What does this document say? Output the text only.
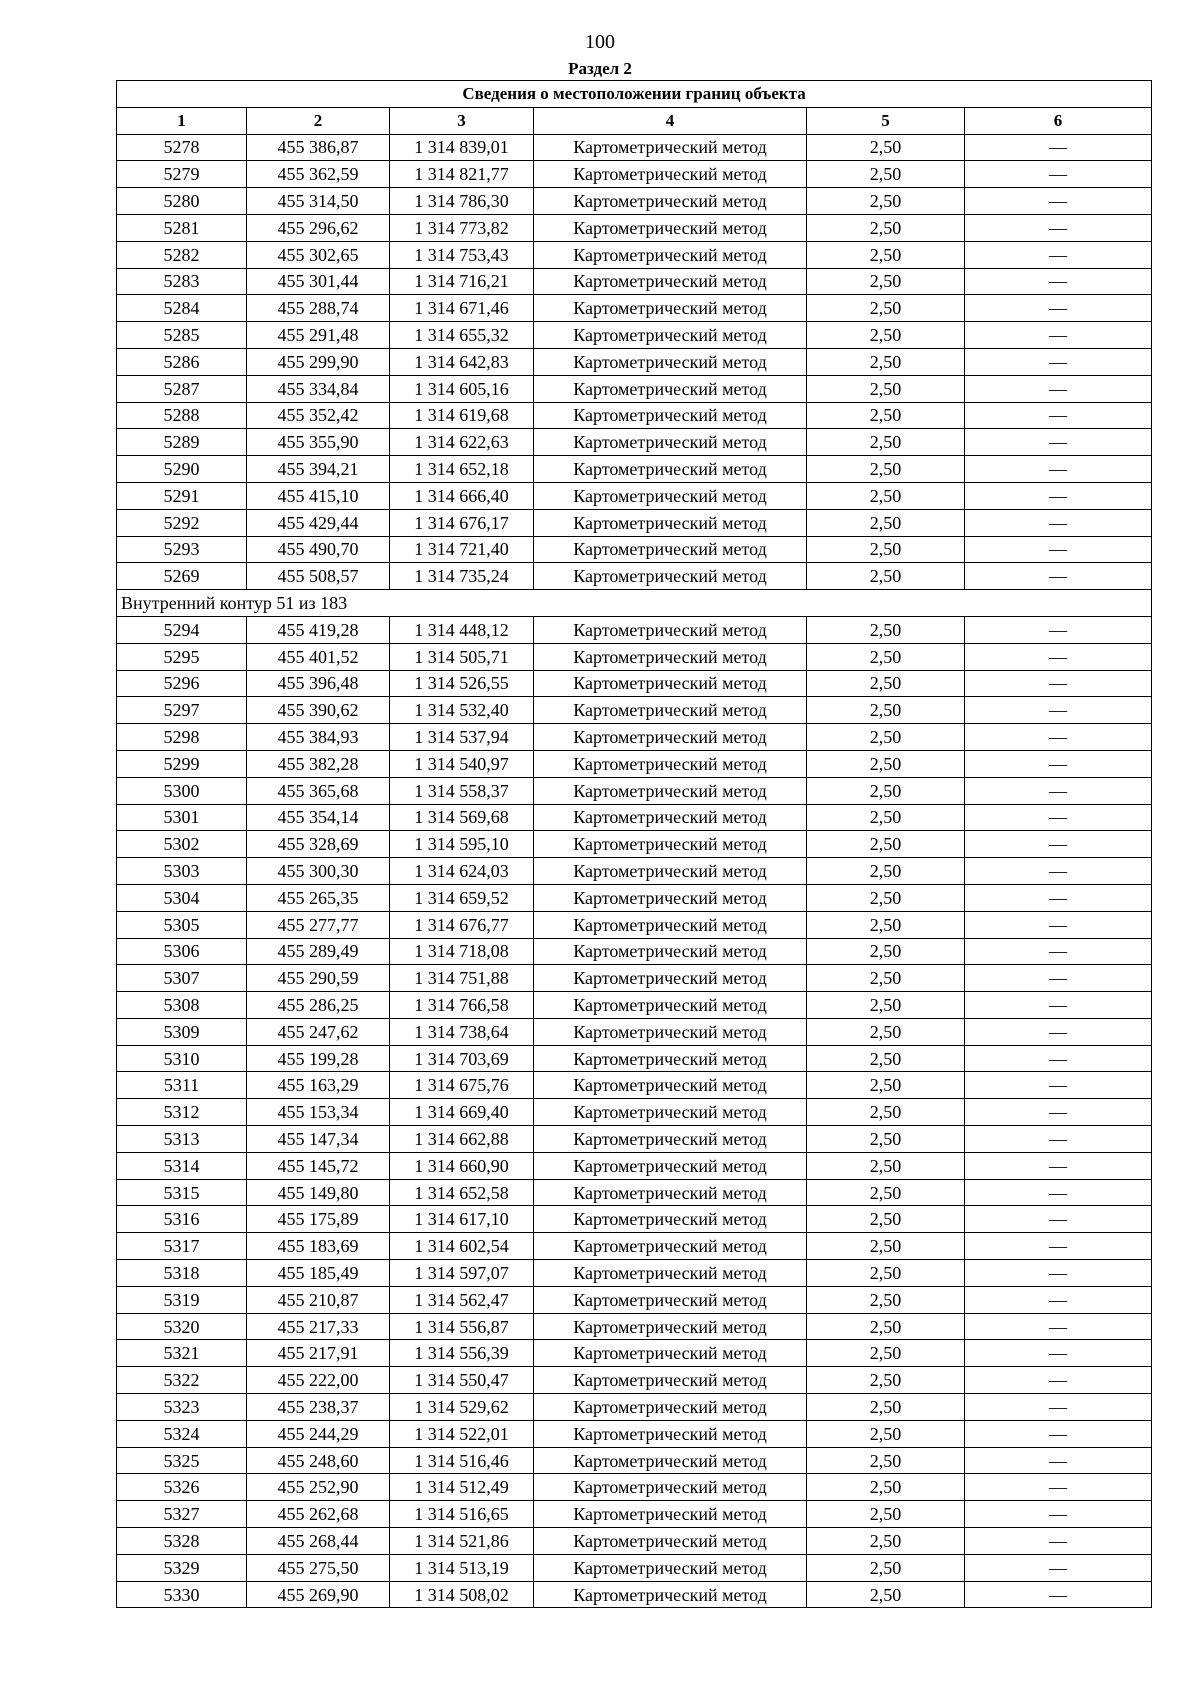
100
Раздел 2
Сведения о местоположении границ объекта					
1	2	3	4	5	6
5278	455 386,87	1 314 839,01	Картометрический метод	2,50	—
5279	455 362,59	1 314 821,77	Картометрический метод	2,50	—
5280	455 314,50	1 314 786,30	Картометрический метод	2,50	—
5281	455 296,62	1 314 773,82	Картометрический метод	2,50	—
5282	455 302,65	1 314 753,43	Картометрический метод	2,50	—
5283	455 301,44	1 314 716,21	Картометрический метод	2,50	—
5284	455 288,74	1 314 671,46	Картометрический метод	2,50	—
5285	455 291,48	1 314 655,32	Картометрический метод	2,50	—
5286	455 299,90	1 314 642,83	Картометрический метод	2,50	—
5287	455 334,84	1 314 605,16	Картометрический метод	2,50	—
5288	455 352,42	1 314 619,68	Картометрический метод	2,50	—
5289	455 355,90	1 314 622,63	Картометрический метод	2,50	—
5290	455 394,21	1 314 652,18	Картометрический метод	2,50	—
5291	455 415,10	1 314 666,40	Картометрический метод	2,50	—
5292	455 429,44	1 314 676,17	Картометрический метод	2,50	—
5293	455 490,70	1 314 721,40	Картометрический метод	2,50	—
5269	455 508,57	1 314 735,24	Картометрический метод	2,50	—
Внутренний контур 51 из 183					
5294	455 419,28	1 314 448,12	Картометрический метод	2,50	—
5295	455 401,52	1 314 505,71	Картометрический метод	2,50	—
5296	455 396,48	1 314 526,55	Картометрический метод	2,50	—
5297	455 390,62	1 314 532,40	Картометрический метод	2,50	—
5298	455 384,93	1 314 537,94	Картометрический метод	2,50	—
5299	455 382,28	1 314 540,97	Картометрический метод	2,50	—
5300	455 365,68	1 314 558,37	Картометрический метод	2,50	—
5301	455 354,14	1 314 569,68	Картометрический метод	2,50	—
5302	455 328,69	1 314 595,10	Картометрический метод	2,50	—
5303	455 300,30	1 314 624,03	Картометрический метод	2,50	—
5304	455 265,35	1 314 659,52	Картометрический метод	2,50	—
5305	455 277,77	1 314 676,77	Картометрический метод	2,50	—
5306	455 289,49	1 314 718,08	Картометрический метод	2,50	—
5307	455 290,59	1 314 751,88	Картометрический метод	2,50	—
5308	455 286,25	1 314 766,58	Картометрический метод	2,50	—
5309	455 247,62	1 314 738,64	Картометрический метод	2,50	—
5310	455 199,28	1 314 703,69	Картометрический метод	2,50	—
5311	455 163,29	1 314 675,76	Картометрический метод	2,50	—
5312	455 153,34	1 314 669,40	Картометрический метод	2,50	—
5313	455 147,34	1 314 662,88	Картометрический метод	2,50	—
5314	455 145,72	1 314 660,90	Картометрический метод	2,50	—
5315	455 149,80	1 314 652,58	Картометрический метод	2,50	—
5316	455 175,89	1 314 617,10	Картометрический метод	2,50	—
5317	455 183,69	1 314 602,54	Картометрический метод	2,50	—
5318	455 185,49	1 314 597,07	Картометрический метод	2,50	—
5319	455 210,87	1 314 562,47	Картометрический метод	2,50	—
5320	455 217,33	1 314 556,87	Картометрический метод	2,50	—
5321	455 217,91	1 314 556,39	Картометрический метод	2,50	—
5322	455 222,00	1 314 550,47	Картометрический метод	2,50	—
5323	455 238,37	1 314 529,62	Картометрический метод	2,50	—
5324	455 244,29	1 314 522,01	Картометрический метод	2,50	—
5325	455 248,60	1 314 516,46	Картометрический метод	2,50	—
5326	455 252,90	1 314 512,49	Картометрический метод	2,50	—
5327	455 262,68	1 314 516,65	Картометрический метод	2,50	—
5328	455 268,44	1 314 521,86	Картометрический метод	2,50	—
5329	455 275,50	1 314 513,19	Картометрический метод	2,50	—
5330	455 269,90	1 314 508,02	Картометрический метод	2,50	—
